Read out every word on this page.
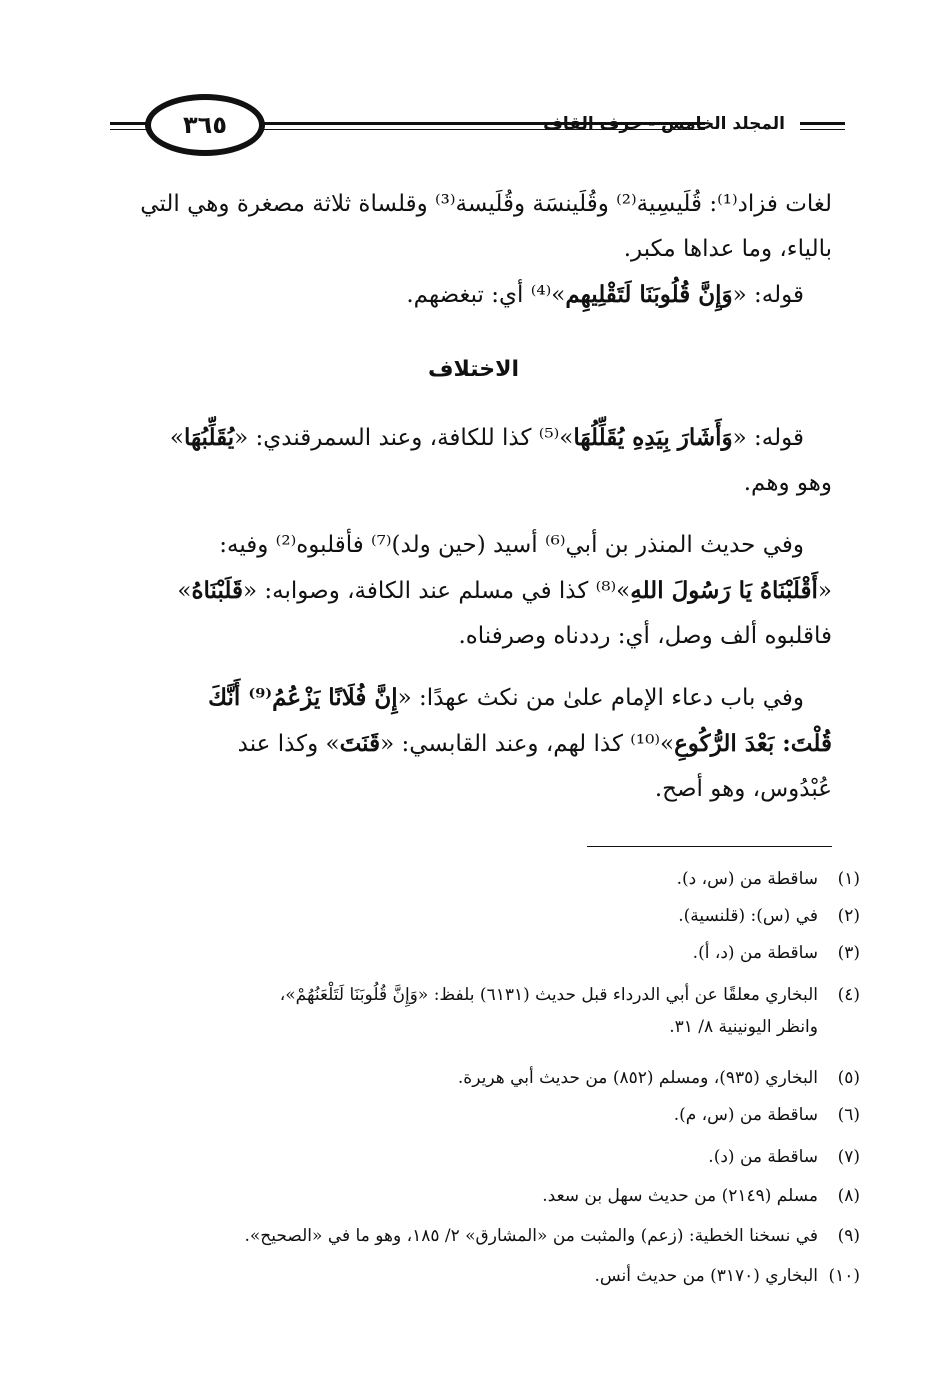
المجلد الخامس - حرف القاف
٣٦٥
لغات فزاد⁽¹⁾: قُلَيسِية⁽²⁾ وقُلَينسَة وقُلَيسة⁽³⁾ وقلساة ثلاثة مصغرة وهي التي
بالياء، وما عداها مكبر.
قوله: «وَإِنَّ قُلُوبَنَا لَتَقْلِيهِم»⁽⁴⁾ أي: تبغضهم.
الاختلاف
قوله: «وَأَشَارَ بِيَدِهِ يُقَلِّلُهَا»⁽⁵⁾ كذا للكافة، وعند السمرقندي: «يُقَلِّبُهَا»
وهو وهم.
وفي حديث المنذر بن أبي⁽⁶⁾ أسيد (حين ولد)⁽⁷⁾ فأقلبوه⁽²⁾ وفيه:
«أَقْلَبْنَاهُ يَا رَسُولَ اللهِ»⁽⁸⁾ كذا في مسلم عند الكافة، وصوابه: «قَلَبْنَاهُ»
فاقلبوه ألف وصل، أي: رددناه وصرفناه.
وفي باب دعاء الإمام علىٰ من نكث عهدًا: «إِنَّ فُلَانًا يَزْعُمُ⁽⁹⁾ أَنَّكَ
قُلْتَ: بَعْدَ الرُّكُوعِ»⁽¹⁰⁾ كذا لهم، وعند القابسي: «قَنَتَ» وكذا عند
عُبْدُوس، وهو أصح.
(١)ساقطة من (س، د).
(٢)في (س): (قلنسية).
(٣)ساقطة من (د، أ).
(٤)البخاري معلقًا عن أبي الدرداء قبل حديث (٦١٣١) بلفظ: «وَإِنَّ قُلُوبَنَا لَتَلْعَنُهُمْ»،
وانظر اليونينية ٨/ ٣١.
(٥)البخاري (٩٣٥)، ومسلم (٨٥٢) من حديث أبي هريرة.
(٦)ساقطة من (س، م).
(٧)ساقطة من (د).
(٨)مسلم (٢١٤٩) من حديث سهل بن سعد.
(٩)في نسخنا الخطية: (زعم) والمثبت من «المشارق» ٢/ ١٨٥، وهو ما في «الصحيح».
(١٠)البخاري (٣١٧٠) من حديث أنس.
